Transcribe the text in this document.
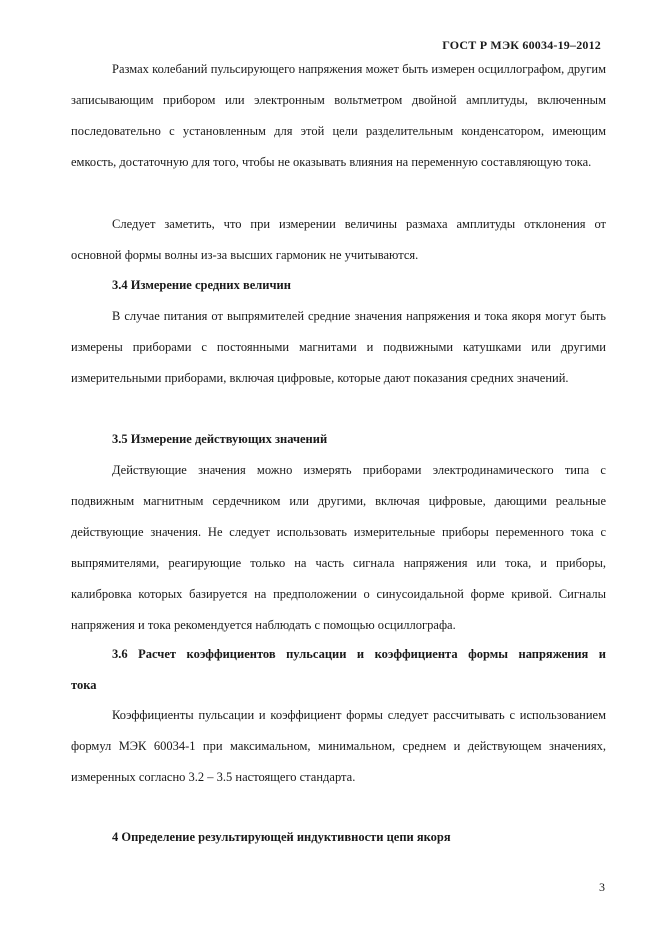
ГОСТ Р МЭК 60034-19–2012

Размах колебаний пульсирующего напряжения может быть измерен осциллографом, другим записывающим прибором или электронным вольтметром двойной амплитуды, включенным последовательно с установленным для этой цели разделительным конденсатором, имеющим емкость, достаточную для того, чтобы не оказывать влияния на переменную составляющую тока.

Следует заметить, что при измерении величины размаха амплитуды отклонения от основной формы волны из-за высших гармоник не учитываются.

3.4 Измерение средних величин

В случае питания от выпрямителей средние значения напряжения и тока якоря могут быть измерены приборами с постоянными магнитами и подвижными катушками или другими измерительными приборами, включая цифровые, которые дают показания средних значений.

3.5 Измерение действующих значений

Действующие значения можно измерять приборами электродинамического типа с подвижным магнитным сердечником или другими, включая цифровые, дающими реальные действующие значения. Не следует использовать измерительные приборы переменного тока с выпрямителями, реагирующие только на часть сигнала напряжения или тока, и приборы, калибровка которых базируется на предположении о синусоидальной форме кривой. Сигналы напряжения и тока рекомендуется наблюдать с помощью осциллографа.

3.6 Расчет коэффициентов пульсации и коэффициента формы напряжения и тока

Коэффициенты пульсации и коэффициент формы следует рассчитывать с использованием формул МЭК 60034-1 при максимальном, минимальном, среднем и действующем значениях, измеренных согласно 3.2 – 3.5 настоящего стандарта.

4 Определение результирующей индуктивности цепи якоря
3
